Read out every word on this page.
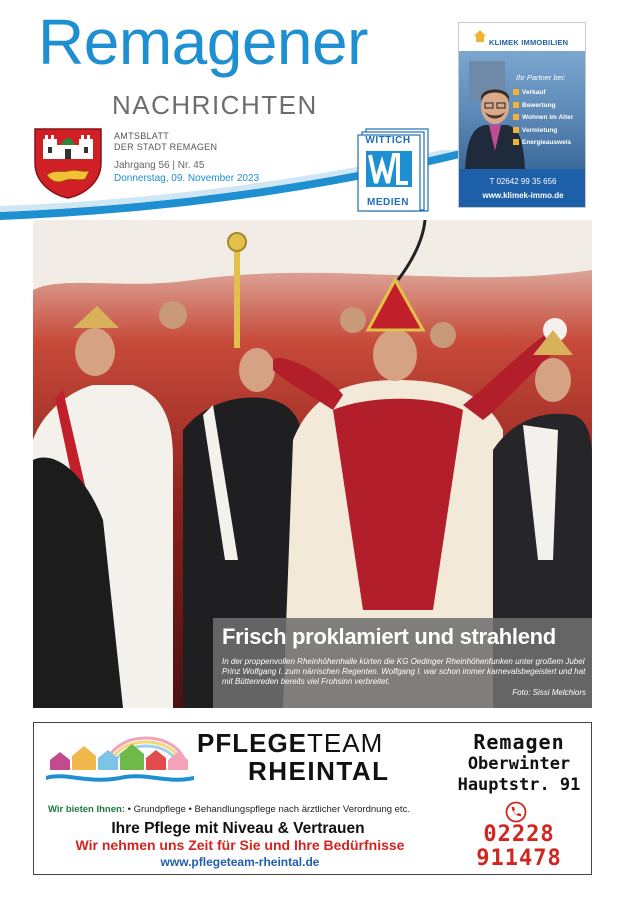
Remagener
NACHRICHTEN
AMTSBLATT
DER STADT REMAGEN
Jahrgang 56 | Nr. 45
Donnerstag, 09. November 2023
WITTICH
MEDIEN
KLIMEK IMMOBILIEN
Ihr Partner bei:
Verkauf
Bewertung
Wohnen im Alter
Vermietung
Energieausweis
T 02642 99 35 656
www.klimek-immo.de
Frisch proklamiert und strahlend
In der proppenvollen Rheinhöhenhalle kürten die KG Oedinger Rheinhöhenfunken unter großem Jubel Prinz Wolfgang I. zum närrischen Regenten. Wolfgang I. war schon immer karnevalsbegeistert und hat mit Büttenreden bereits viel Frohsinn verbreitet.
Foto: Sissi Melchiors
PFLEGETEAM
RHEINTAL
Wir bieten Ihnen: • Grundpflege • Behandlungspflege nach ärztlicher Verordnung etc.
Ihre Pflege mit Niveau & Vertrauen
Wir nehmen uns Zeit für Sie und Ihre Bedürfnisse
www.pflegeteam-rheintal.de
Remagen
Oberwinter
Hauptstr. 91
02228
911478
